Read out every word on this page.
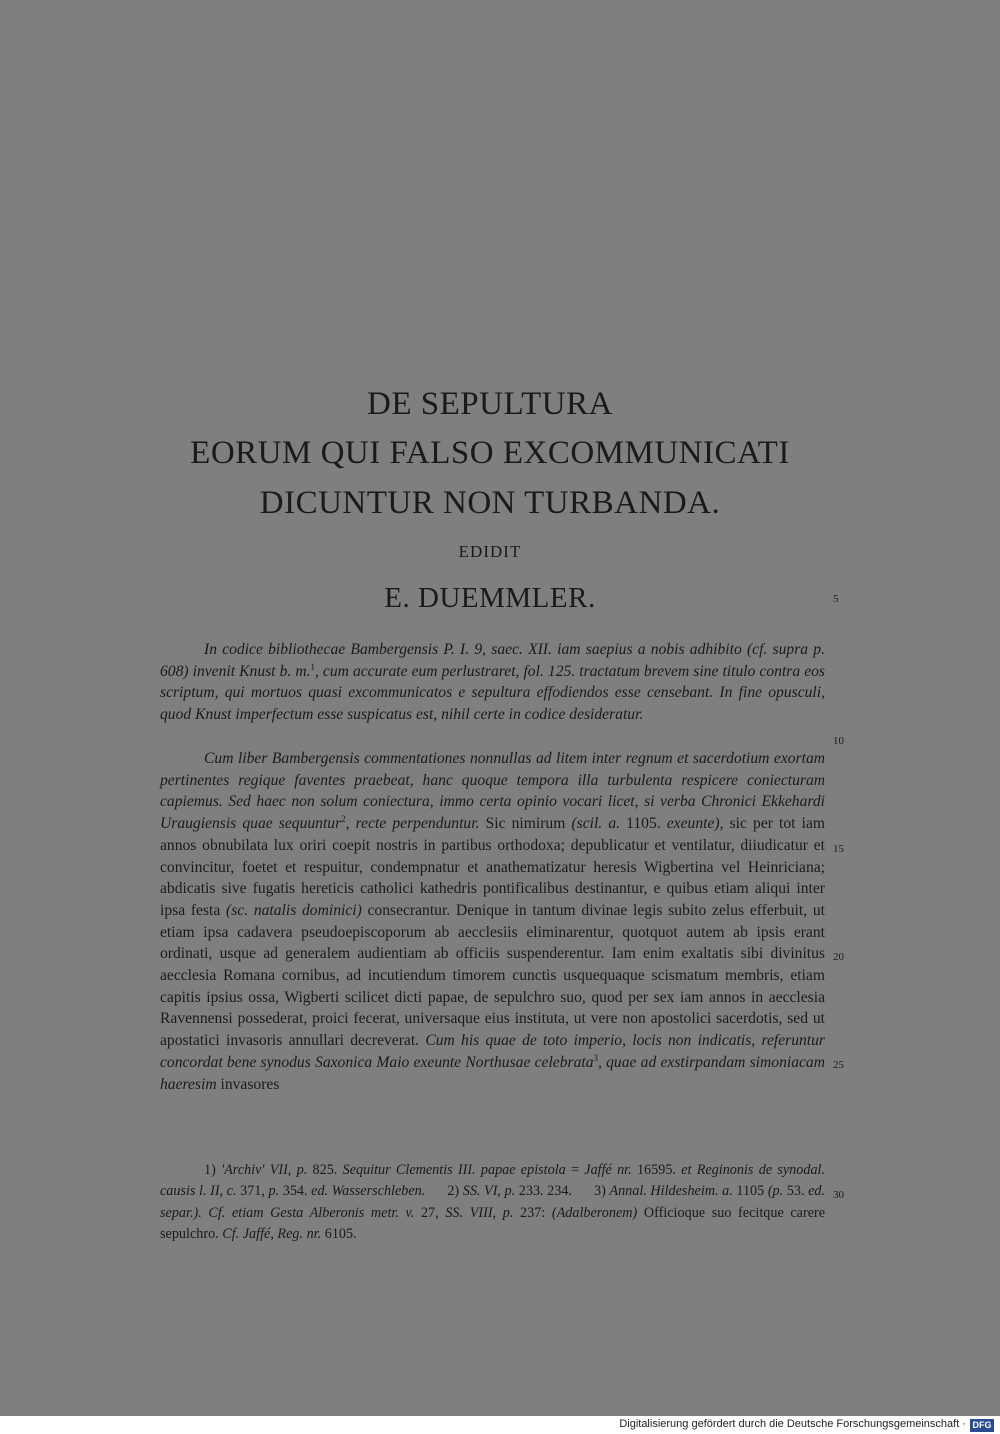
DE SEPULTURA
EORUM QUI FALSO EXCOMMUNICATI
DICUNTUR NON TURBANDA.
EDIDIT
E. DUEMMLER.	5
10
15
20
25
30

In codice bibliothecae Bambergensis P. I. 9, saec. XII. iam saepius a nobis adhibito (cf. supra p. 608) invenit Knust b. m.$^1$, cum accurate eum perlustraret, fol. 125. tractatum brevem sine titulo contra eos scriptum, qui mortuos quasi excommunicatos e sepultura effodiendos esse censebant. In fine opusculi, quod Knust imperfectum esse suspicatus est, nihil certe in codice desideratur.

Cum liber Bambergensis commentationes nonnullas ad litem inter regnum et sacerdotium exortam pertinentes regique faventes praebeat, hanc quoque tempora illa turbulenta respicere coniecturam capiemus. Sed haec non solum coniectura, immo certa opinio vocari licet, si verba Chronici Ekkehardi Uraugiensis quae sequuntur$^2$, recte perpenduntur. Sic nimirum (scil. a. 1105. exeunte), sic per tot iam annos obnubilata lux oriri coepit nostris in partibus orthodoxa; depublicatur et ventilatur, diiudicatur et convincitur, foetet et respuitur, condempnatur et anathematizatur heresis Wigbertina vel Heinriciana; abdicatis sive fugatis hereticis catholici kathedris pontificalibus destinantur, e quibus etiam aliqui inter ipsa festa (sc. natalis dominici) consecrantur. Denique in tantum divinae legis subito zelus efferbuit, ut etiam ipsa cadavera pseudoepiscoporum ab aecclesiis eliminarentur, quotquot autem ab ipsis erant ordinati, usque ad generalem audientiam ab officiis suspenderentur. Iam enim exaltatis sibi divinitus aecclesia Romana cornibus, ad incutiendum timorem cunctis usquequaque scismatum membris, etiam capitis ipsius ossa, Wigberti scilicet dicti papae, de sepulchro suo, quod per sex iam annos in aecclesia Ravennensi possederat, proici fecerat, universaque eius instituta, ut vere non apostolici sacerdotis, sed ut apostatici invasoris annullari decreverat. Cum his quae de toto imperio, locis non indicatis, referuntur concordat bene synodus Saxonica Maio exeunte Northusae celebrata$^3$, quae ad exstirpandam simoniacam haeresim invasores

1) 'Archiv' VII, p. 825. Sequitur Clementis III. papae epistola = Jaffé nr. 16595. et Reginonis de synodal. causis l. II, c. 371, p. 354. ed. Wasserschleben. 2) SS. VI, p. 233. 234. 3) Annal. Hildesheim. a. 1105 (p. 53. ed. separ.). Cf. etiam Gesta Alberonis metr. v. 27, SS. VIII, p. 237: (Adalberonem) Officioque suo fecitque carere sepulchro. Cf. Jaffé, Reg. nr. 6105.

Digitalisierung gefördert durch die Deutsche Forschungsgemeinschaft · DFG
